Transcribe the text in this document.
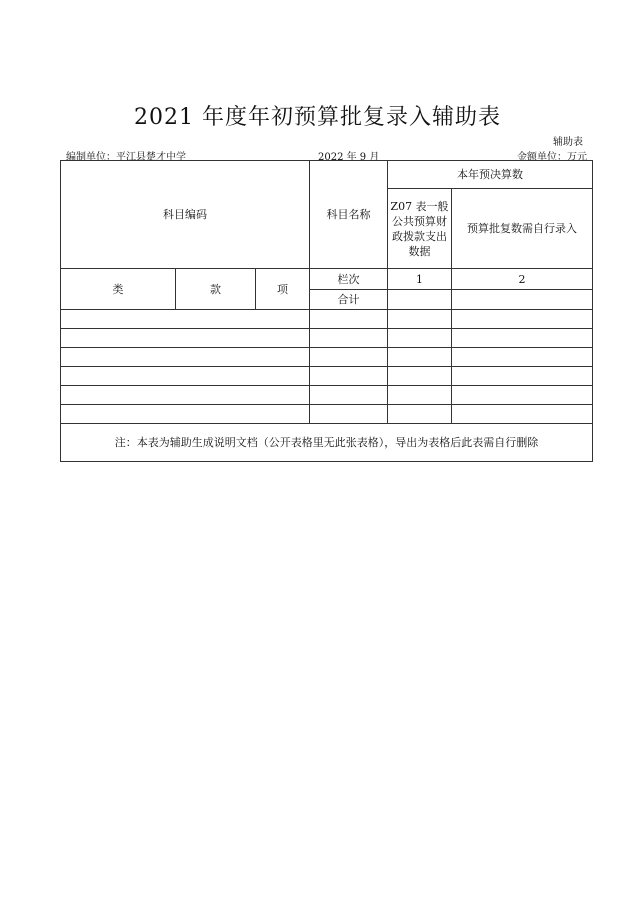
2021 年度年初预算批复录入辅助表
辅助表
编制单位：平江县楚才中学	2022 年 9 月	金额单位：万元
科目编码			科目名称	本年预决算数	
				Z07 表一般公共预算财政拨款支出数据	预算批复数需自行录入
类	款	项	栏次	1	2
			合计		

注：本表为辅助生成说明文档（公开表格里无此张表格），导出为表格后此表需自行删除					
